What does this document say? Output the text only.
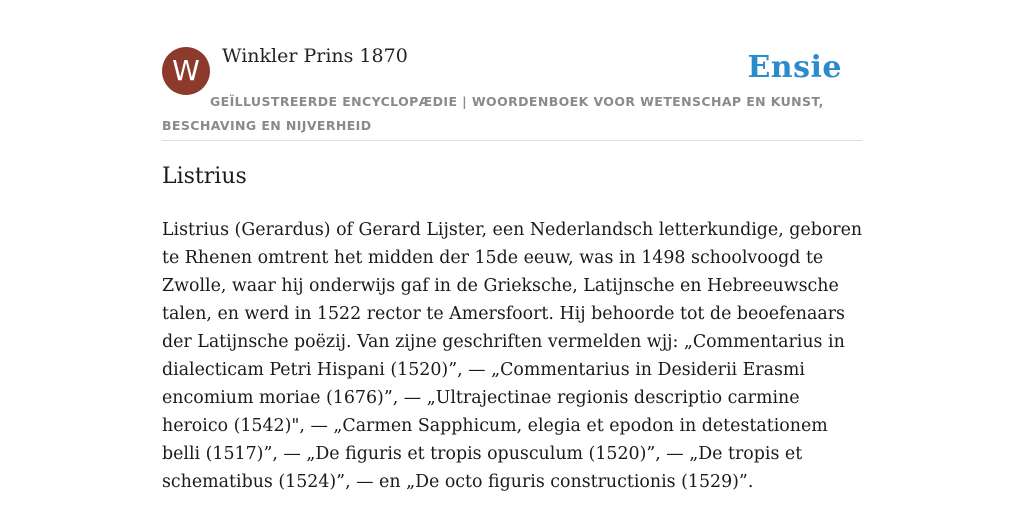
W	Winkler Prins 1870	Ensie
GEÏLLUSTREERDE ENCYCLOPÆDIE | WOORDENBOEK VOOR WETENSCHAP EN KUNST, BESCHAVING EN NIJVERHEID
Listrius

Listrius (Gerardus) of Gerard Lijster, een Nederlandsch letterkundige, geboren te Rhenen omtrent het midden der 15de eeuw, was in 1498 schoolvoogd te Zwolle, waar hij onderwijs gaf in de Grieksche, Latijnsche en Hebreeuwsche talen, en werd in 1522 rector te Amersfoort. Hij behoorde tot de beoefenaars der Latijnsche poëzij. Van zijne geschriften vermelden wjj: „Commentarius in dialecticam Petri Hispani (1520)”, — „Commentarius in Desiderii Erasmi encomium moriae (1676)”, — „Ultrajectinae regionis descriptio carmine heroico (1542)", — „Carmen Sapphicum, elegia et epodon in detestationem belli (1517)”, — „De figuris et tropis opusculum (1520)”, — „De tropis et schematibus (1524)”, — en „De octo figuris constructionis (1529)”.
